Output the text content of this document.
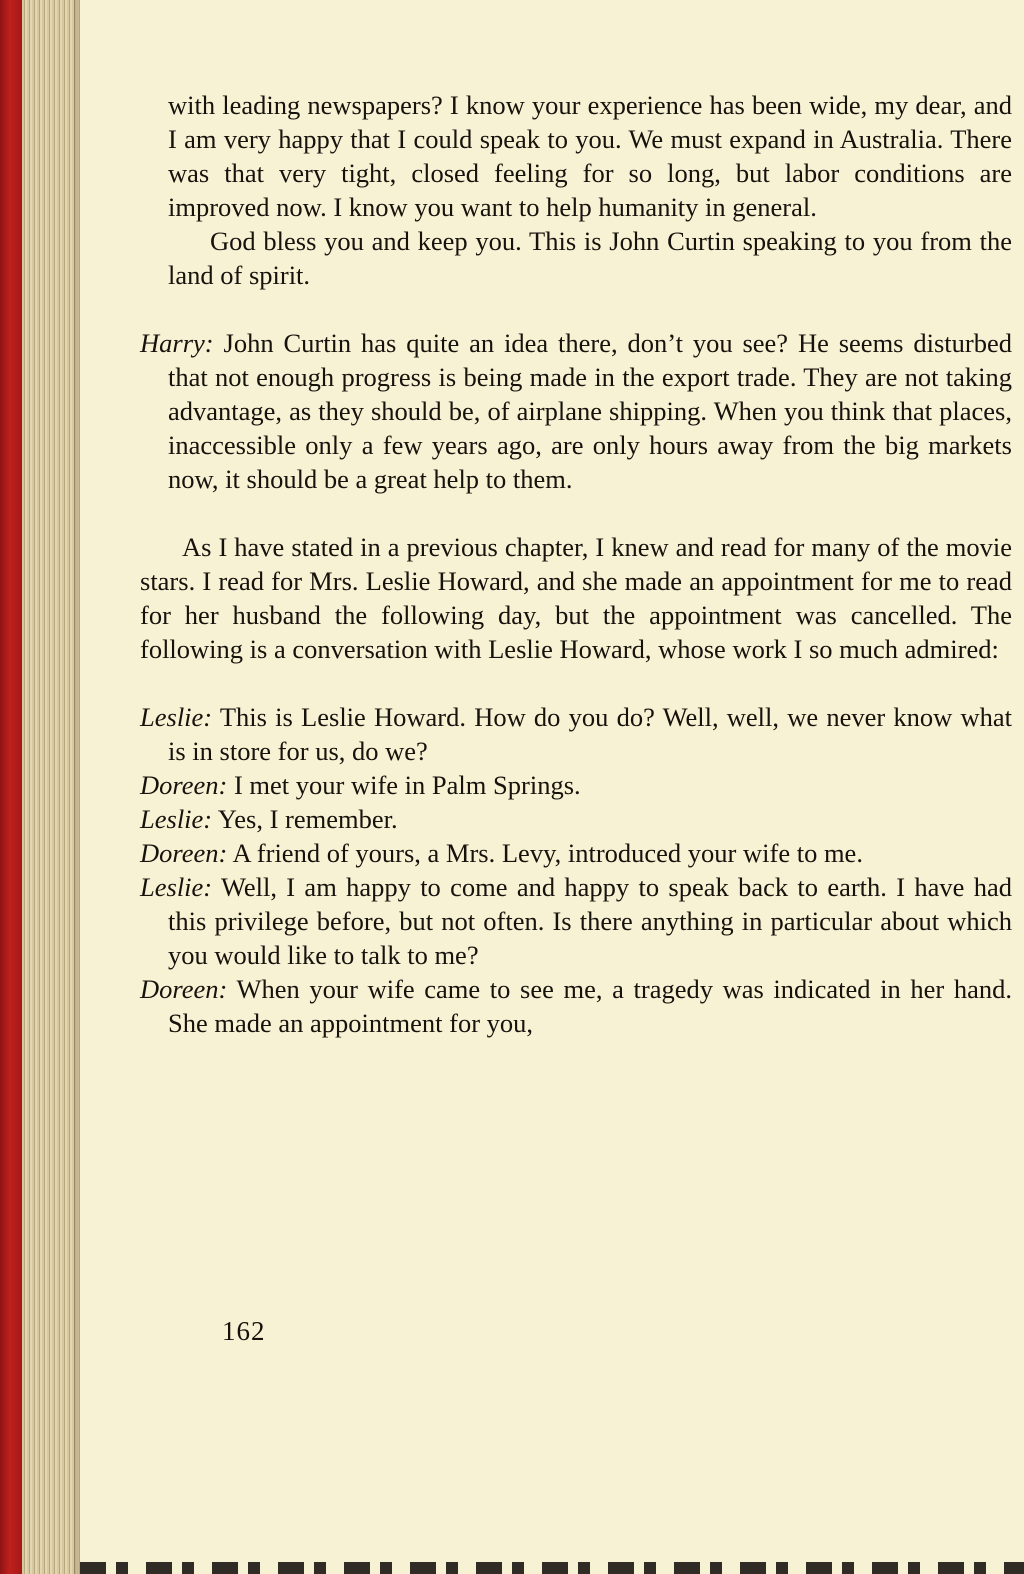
with leading newspapers? I know your experience has been wide, my dear, and I am very happy that I could speak to you. We must expand in Australia. There was that very tight, closed feeling for so long, but labor conditions are improved now. I know you want to help humanity in general.

God bless you and keep you. This is John Curtin speaking to you from the land of spirit.

Harry: John Curtin has quite an idea there, don’t you see? He seems disturbed that not enough progress is being made in the export trade. They are not taking advantage, as they should be, of airplane shipping. When you think that places, inaccessible only a few years ago, are only hours away from the big markets now, it should be a great help to them.

As I have stated in a previous chapter, I knew and read for many of the movie stars. I read for Mrs. Leslie Howard, and she made an appointment for me to read for her husband the following day, but the appointment was cancelled. The following is a conversation with Leslie Howard, whose work I so much admired:

Leslie: This is Leslie Howard. How do you do? Well, well, we never know what is in store for us, do we?

Doreen: I met your wife in Palm Springs.

Leslie: Yes, I remember.

Doreen: A friend of yours, a Mrs. Levy, introduced your wife to me.

Leslie: Well, I am happy to come and happy to speak back to earth. I have had this privilege before, but not often. Is there anything in particular about which you would like to talk to me?

Doreen: When your wife came to see me, a tragedy was indicated in her hand. She made an appointment for you,

162
